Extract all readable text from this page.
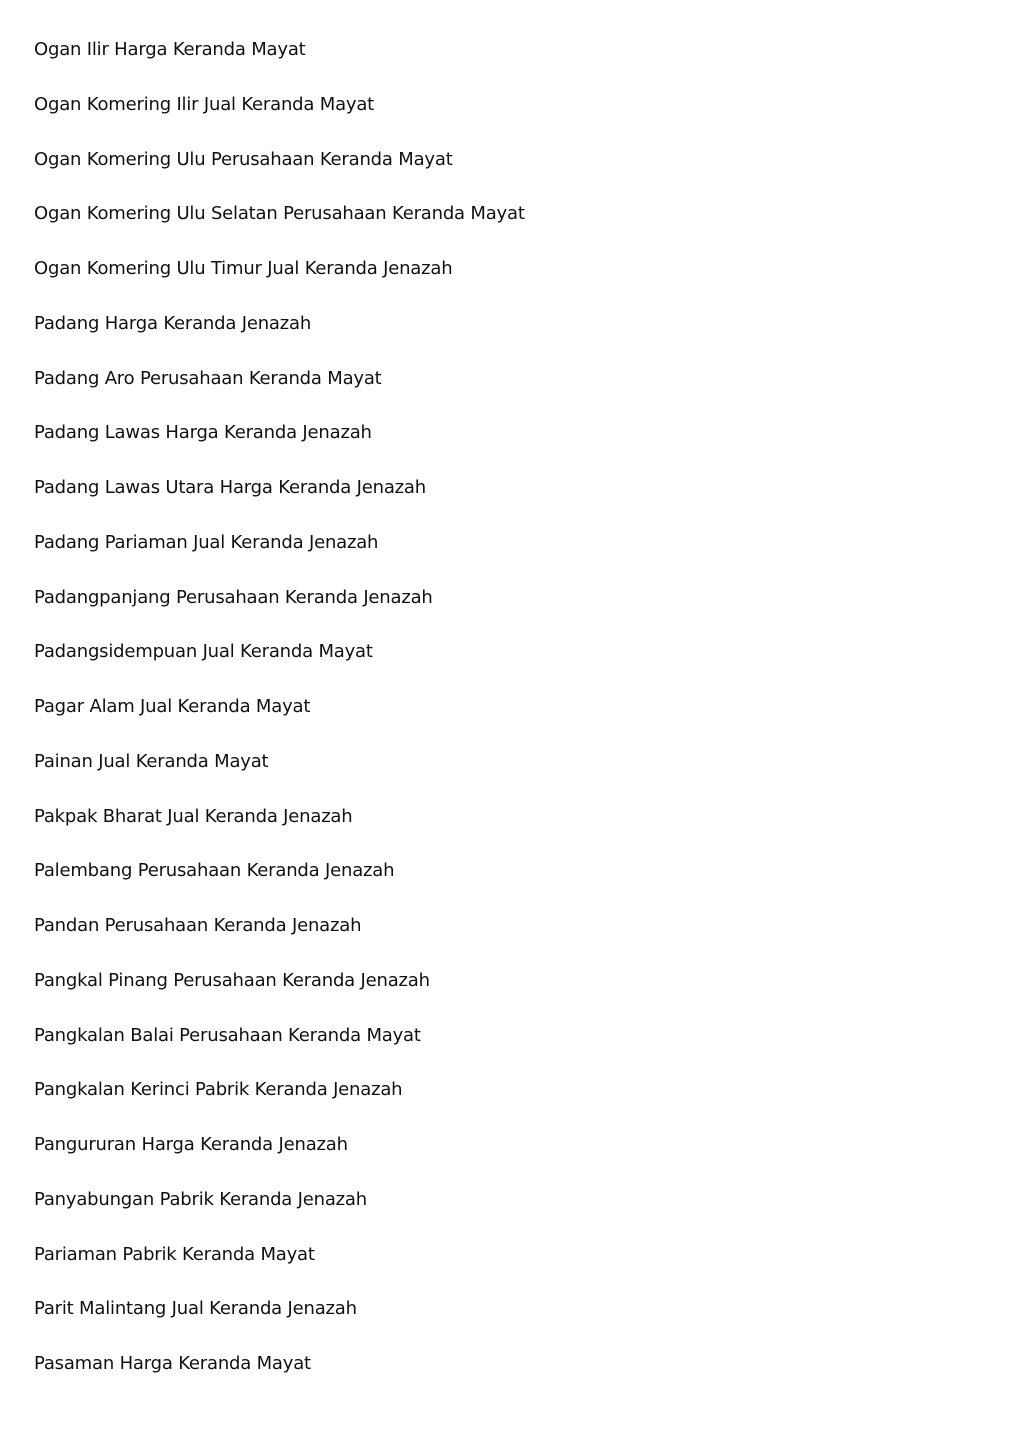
Ogan Ilir Harga Keranda Mayat
Ogan Komering Ilir Jual Keranda Mayat
Ogan Komering Ulu Perusahaan Keranda Mayat
Ogan Komering Ulu Selatan Perusahaan Keranda Mayat
Ogan Komering Ulu Timur Jual Keranda Jenazah
Padang Harga Keranda Jenazah
Padang Aro Perusahaan Keranda Mayat
Padang Lawas Harga Keranda Jenazah
Padang Lawas Utara Harga Keranda Jenazah
Padang Pariaman Jual Keranda Jenazah
Padangpanjang Perusahaan Keranda Jenazah
Padangsidempuan Jual Keranda Mayat
Pagar Alam Jual Keranda Mayat
Painan Jual Keranda Mayat
Pakpak Bharat Jual Keranda Jenazah
Palembang Perusahaan Keranda Jenazah
Pandan Perusahaan Keranda Jenazah
Pangkal Pinang Perusahaan Keranda Jenazah
Pangkalan Balai Perusahaan Keranda Mayat
Pangkalan Kerinci Pabrik Keranda Jenazah
Pangururan Harga Keranda Jenazah
Panyabungan Pabrik Keranda Jenazah
Pariaman Pabrik Keranda Mayat
Parit Malintang Jual Keranda Jenazah
Pasaman Harga Keranda Mayat
